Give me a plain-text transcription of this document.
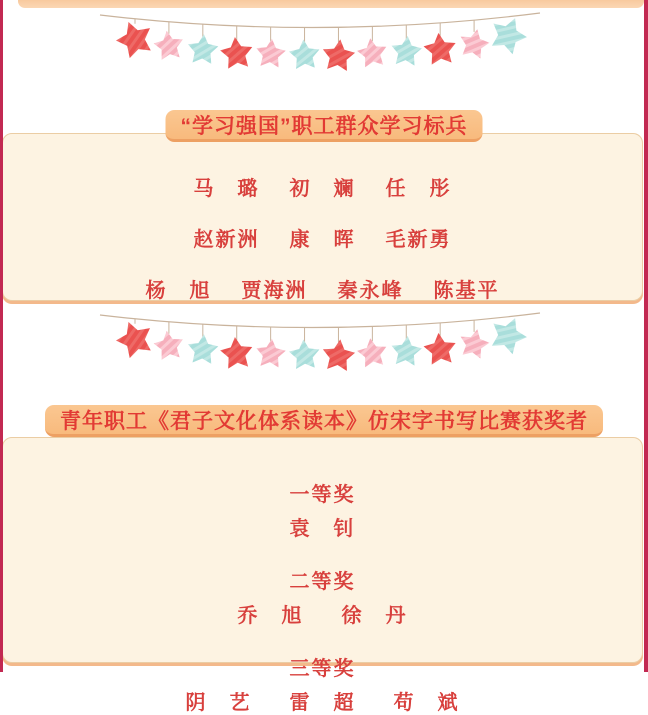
“学习强国”职工群众学习标兵
马　璐 初　斓 任　彤
赵新洲 康　晖 毛新勇
杨　旭 贾海洲 秦永峰 陈基平
青年职工《君子文化体系读本》仿宋字书写比赛获奖者
一等奖
袁　钊
二等奖
乔　旭 徐　丹
三等奖
阴　艺 雷　超 苟　斌
